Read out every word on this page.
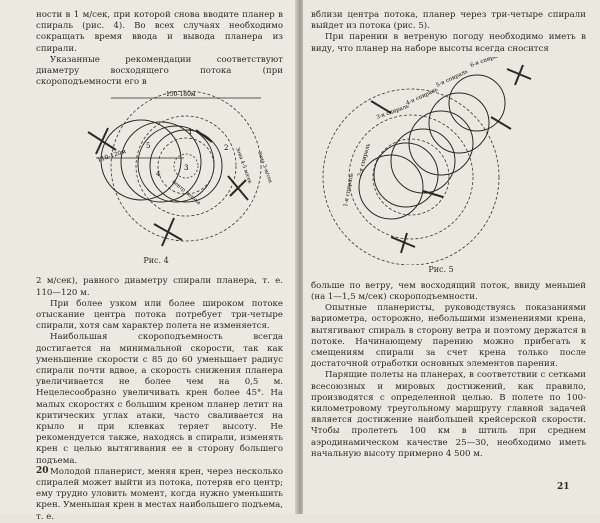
ности в 1 м/сек, при которой снова вводите планер в спираль (рис. 4). Во всех случаях необходимо сокращать время ввода и вывода планера из спирали.

Указанные рекомендации соответствуют диаметру восходящего потока (при скороподъемности его в

150-180м
110-120м
1
2
3
4
5
центр потока
Зона 4-5 м/сек Зона 3-м/сек

Рис. 4

2 м/сек), равного диаметру спирали планера, т. е. 110—120 м.

При более узком или более широком потоке отыскание центра потока потребует три-четыре спирали, хотя сам характер полета не изменяется.

Наибольшая скороподъемность всегда достигается на минимальной скорости, так как уменьшение скорости с 85 до 60 уменьшает радиус спирали почти вдвое, а скорость снижения планера увеличивается не более чем на 0,5 м. Нецелесообразно увеличивать крен более 45°. На малых скоростях с большим креном планер летит на критических углах атаки, часто сваливается на крыло и при клевках теряет высоту. Не рекомендуется также, находясь в спирали, изменять крен с целью вытягивания ее в сторону большего подъема.

Молодой планерист, меняя крен, через несколько спиралей может выйти из потока, потеряв его центр; ему трудно уловить момент, когда нужно уменьшить крен. Уменьшая крен в местах наибольшего подъема, т. е.

20

вблизи центра потока, планер через три-четыре спирали выйдет из потока (рис. 5).

При парении в ветреную погоду необходимо иметь в виду, что планер на наборе высоты всегда сносится

1-я спираль
2-я спираль
3-я спираль
4-я спираль
5-я спираль
6-я спираль

Рис. 5

больше по ветру, чем восходящий поток, ввиду меньшей (на 1—1,5 м/сек) скороподъемности.

Опытные планеристы, руководствуясь показаниями вариометра, осторожно, небольшими изменениями крена, вытягивают спираль в сторону ветра и поэтому держатся в потоке. Начинающему парению можно прибегать к смещениям спирали за счет крена только после достаточной отработки основных элементов парения.

Парящие полеты на планерах, в соответствии с сетками всесоюзных и мировых достижений, как правило, производятся с определенной целью. В полете по 100-километровому треугольному маршруту главной задачей является достижение наибольшей крейсерской скорости. Чтобы пролететь 100 км в штиль при среднем аэродинамическом качестве 25—30, необходимо иметь начальную высоту примерно 4 500 м.

21
